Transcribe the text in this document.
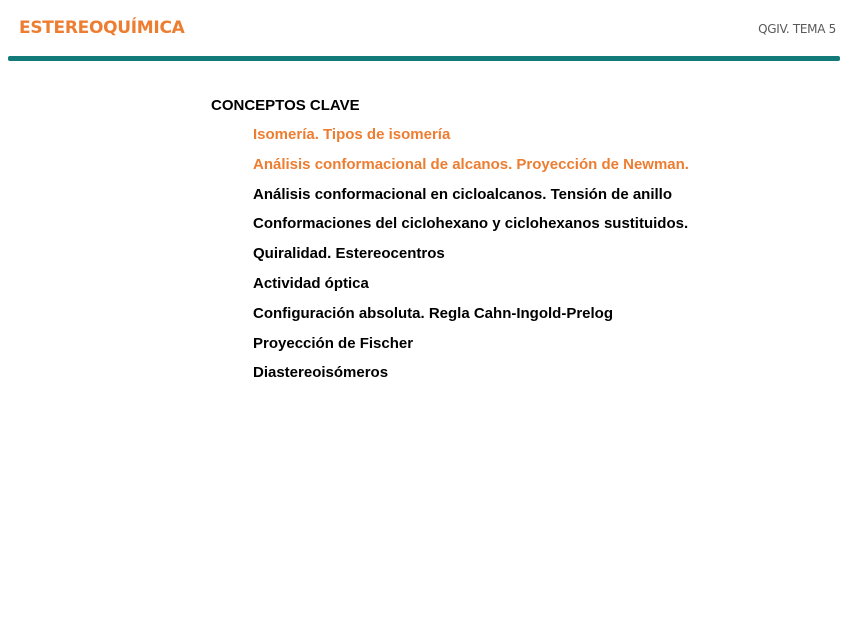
ESTEREOQUÍMICA	QGIV. TEMA 5
CONCEPTOS CLAVE
Isomería. Tipos de isomería
Análisis conformacional de alcanos. Proyección de Newman.
Análisis conformacional en cicloalcanos. Tensión de anillo
Conformaciones del ciclohexano y ciclohexanos sustituidos.
Quiralidad. Estereocentros
Actividad óptica
Configuración absoluta. Regla Cahn-Ingold-Prelog
Proyección de Fischer
Diastereoisómeros
